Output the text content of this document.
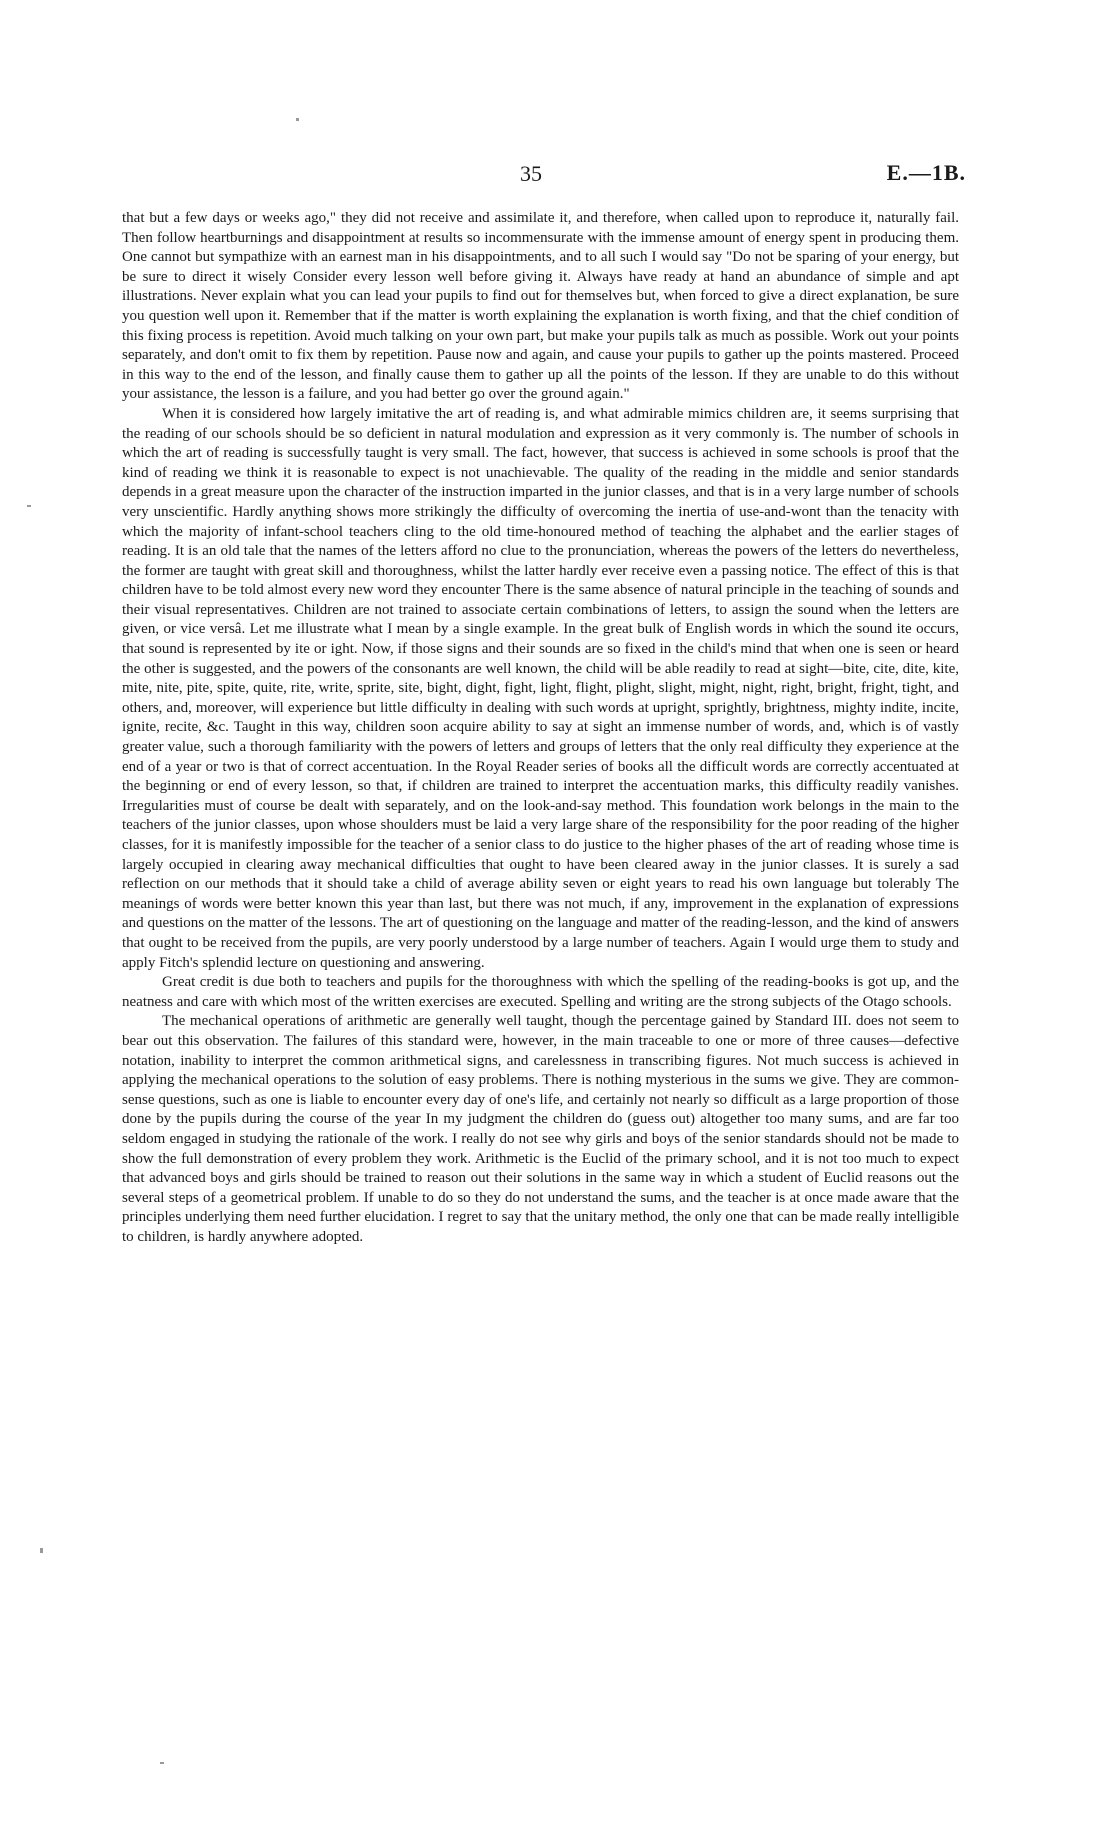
35	E.—1B.

that but a few days or weeks ago," they did not receive and assimilate it, and therefore, when called upon to reproduce it, naturally fail. Then follow heartburnings and disappointment at results so incommensurate with the immense amount of energy spent in producing them. One cannot but sympathize with an earnest man in his disappointments, and to all such I would say "Do not be sparing of your energy, but be sure to direct it wisely Consider every lesson well before giving it. Always have ready at hand an abundance of simple and apt illustrations. Never explain what you can lead your pupils to find out for themselves but, when forced to give a direct explanation, be sure you question well upon it. Remember that if the matter is worth explaining the explanation is worth fixing, and that the chief condition of this fixing process is repetition. Avoid much talking on your own part, but make your pupils talk as much as possible. Work out your points separately, and don't omit to fix them by repetition. Pause now and again, and cause your pupils to gather up the points mastered. Proceed in this way to the end of the lesson, and finally cause them to gather up all the points of the lesson. If they are unable to do this without your assistance, the lesson is a failure, and you had better go over the ground again."

When it is considered how largely imitative the art of reading is, and what admirable mimics children are, it seems surprising that the reading of our schools should be so deficient in natural modulation and expression as it very commonly is. The number of schools in which the art of reading is successfully taught is very small. The fact, however, that success is achieved in some schools is proof that the kind of reading we think it is reasonable to expect is not unachievable. The quality of the reading in the middle and senior standards depends in a great measure upon the character of the instruction imparted in the junior classes, and that is in a very large number of schools very unscientific. Hardly anything shows more strikingly the difficulty of overcoming the inertia of use-and-wont than the tenacity with which the majority of infant-school teachers cling to the old time-honoured method of teaching the alphabet and the earlier stages of reading. It is an old tale that the names of the letters afford no clue to the pronunciation, whereas the powers of the letters do nevertheless, the former are taught with great skill and thoroughness, whilst the latter hardly ever receive even a passing notice. The effect of this is that children have to be told almost every new word they encounter There is the same absence of natural principle in the teaching of sounds and their visual representatives. Children are not trained to associate certain combinations of letters, to assign the sound when the letters are given, or vice versâ. Let me illustrate what I mean by a single example. In the great bulk of English words in which the sound ite occurs, that sound is represented by ite or ight. Now, if those signs and their sounds are so fixed in the child's mind that when one is seen or heard the other is suggested, and the powers of the consonants are well known, the child will be able readily to read at sight—bite, cite, dite, kite, mite, nite, pite, spite, quite, rite, write, sprite, site, bight, dight, fight, light, flight, plight, slight, might, night, right, bright, fright, tight, and others, and, moreover, will experience but little difficulty in dealing with such words at upright, sprightly, brightness, mighty indite, incite, ignite, recite, &c. Taught in this way, children soon acquire ability to say at sight an immense number of words, and, which is of vastly greater value, such a thorough familiarity with the powers of letters and groups of letters that the only real difficulty they experience at the end of a year or two is that of correct accentuation. In the Royal Reader series of books all the difficult words are correctly accentuated at the beginning or end of every lesson, so that, if children are trained to interpret the accentuation marks, this difficulty readily vanishes. Irregularities must of course be dealt with separately, and on the look-and-say method. This foundation work belongs in the main to the teachers of the junior classes, upon whose shoulders must be laid a very large share of the responsibility for the poor reading of the higher classes, for it is manifestly impossible for the teacher of a senior class to do justice to the higher phases of the art of reading whose time is largely occupied in clearing away mechanical difficulties that ought to have been cleared away in the junior classes. It is surely a sad reflection on our methods that it should take a child of average ability seven or eight years to read his own language but tolerably The meanings of words were better known this year than last, but there was not much, if any, improvement in the explanation of expressions and questions on the matter of the lessons. The art of questioning on the language and matter of the reading-lesson, and the kind of answers that ought to be received from the pupils, are very poorly understood by a large number of teachers. Again I would urge them to study and apply Fitch's splendid lecture on questioning and answering.

Great credit is due both to teachers and pupils for the thoroughness with which the spelling of the reading-books is got up, and the neatness and care with which most of the written exercises are executed. Spelling and writing are the strong subjects of the Otago schools.

The mechanical operations of arithmetic are generally well taught, though the percentage gained by Standard III. does not seem to bear out this observation. The failures of this standard were, however, in the main traceable to one or more of three causes—defective notation, inability to interpret the common arithmetical signs, and carelessness in transcribing figures. Not much success is achieved in applying the mechanical operations to the solution of easy problems. There is nothing mysterious in the sums we give. They are common-sense questions, such as one is liable to encounter every day of one's life, and certainly not nearly so difficult as a large proportion of those done by the pupils during the course of the year In my judgment the children do (guess out) altogether too many sums, and are far too seldom engaged in studying the rationale of the work. I really do not see why girls and boys of the senior standards should not be made to show the full demonstration of every problem they work. Arithmetic is the Euclid of the primary school, and it is not too much to expect that advanced boys and girls should be trained to reason out their solutions in the same way in which a student of Euclid reasons out the several steps of a geometrical problem. If unable to do so they do not understand the sums, and the teacher is at once made aware that the principles underlying them need further elucidation. I regret to say that the unitary method, the only one that can be made really intelligible to children, is hardly anywhere adopted.
